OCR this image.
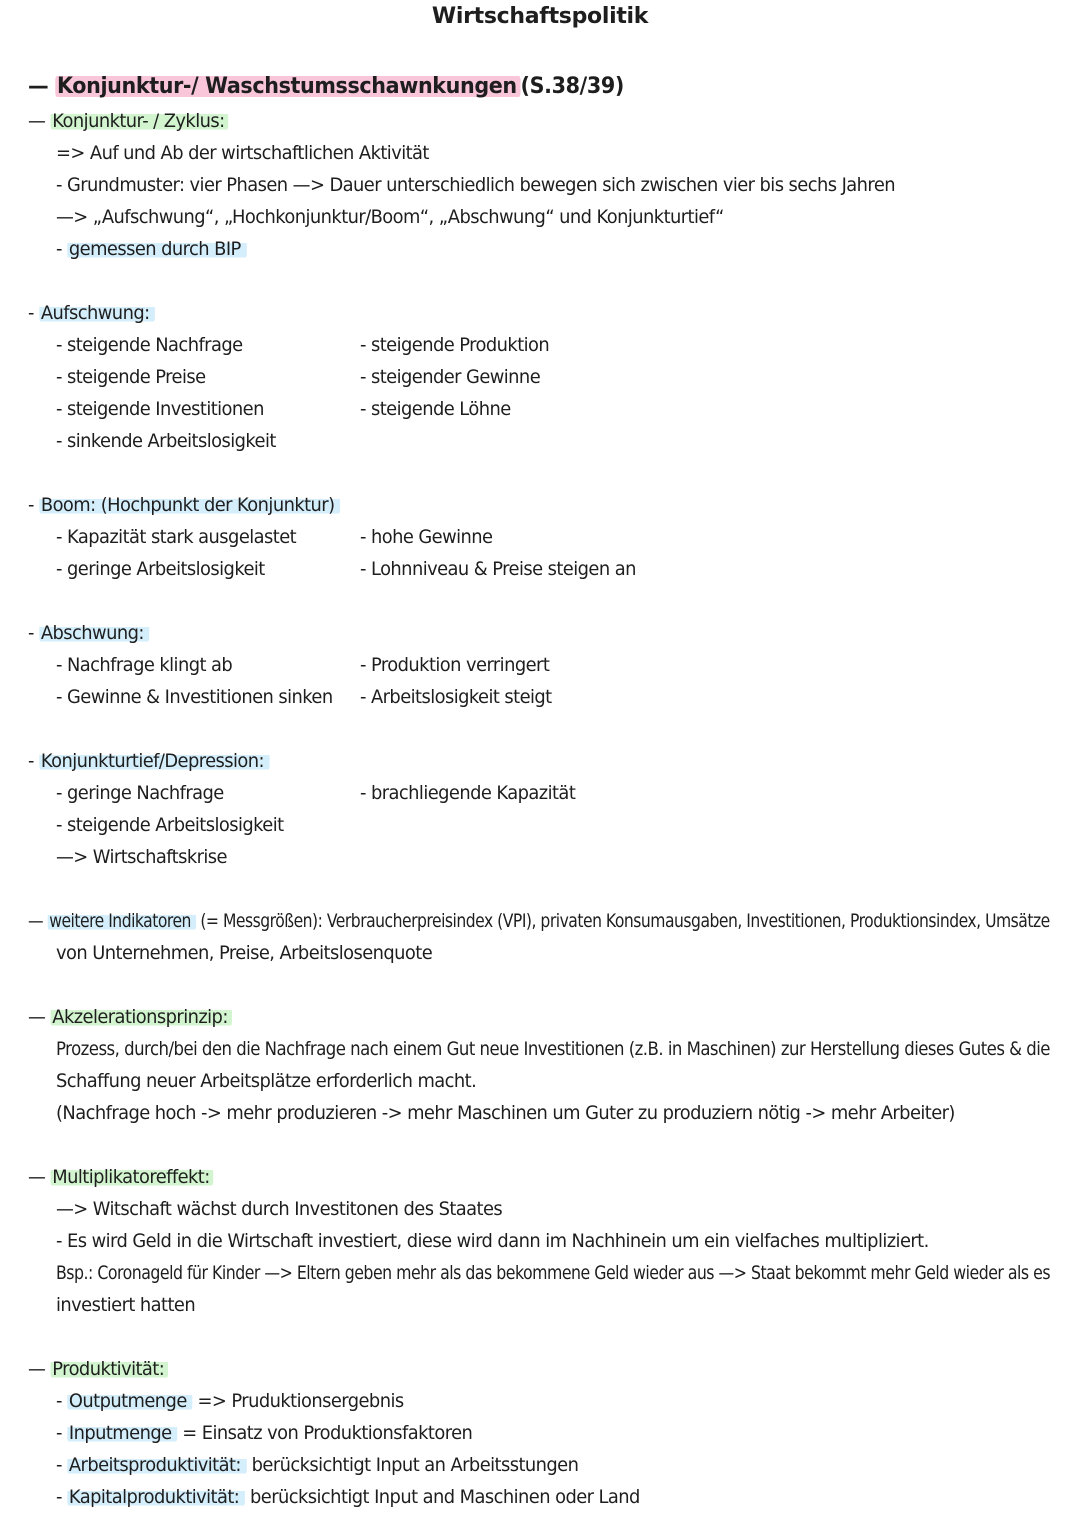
Wirtschaftspolitik
— Konjunktur-/ Waschstumsschawnkungen (S.38/39)
— Konjunktur- / Zyklus:
=> Auf und Ab der wirtschaftlichen Aktivität
- Grundmuster: vier Phasen —> Dauer unterschiedlich bewegen sich zwischen vier bis sechs Jahren
—> „Aufschwung“, „Hochkonjunktur/Boom“, „Abschwung“ und Konjunkturtief“
- gemessen durch BIP
- Aufschwung:
- steigende Nachfrage
- steigende Preise
- steigende Investitionen
- sinkende Arbeitslosigkeit
- steigende Produktion
- steigender Gewinne
- steigende Löhne
- Boom: (Hochpunkt der Konjunktur)
- Kapazität stark ausgelastet
- geringe Arbeitslosigkeit
- hohe Gewinne
- Lohnniveau & Preise steigen an
- Abschwung:
- Nachfrage klingt ab
- Gewinne & Investitionen sinken
- Produktion verringert
- Arbeitslosigkeit steigt
- Konjunkturtief/Depression:
- geringe Nachfrage
- steigende Arbeitslosigkeit
—> Wirtschaftskrise
- brachliegende Kapazität
— weitere Indikatoren (= Messgrößen): Verbraucherpreisindex (VPI), privaten Konsumausgaben, Investitionen, Produktionsindex, Umsätze
von Unternehmen, Preise, Arbeitslosenquote
— Akzelerationsprinzip:
Prozess, durch/bei den die Nachfrage nach einem Gut neue Investitionen (z.B. in Maschinen) zur Herstellung dieses Gutes & die
Schaffung neuer Arbeitsplätze erforderlich macht.
(Nachfrage hoch -> mehr produzieren -> mehr Maschinen um Guter zu produziern nötig -> mehr Arbeiter)
— Multiplikatoreffekt:
—> Witschaft wächst durch Investitonen des Staates
- Es wird Geld in die Wirtschaft investiert, diese wird dann im Nachhinein um ein vielfaches multipliziert.
Bsp.: Coronageld für Kinder —> Eltern geben mehr als das bekommene Geld wieder aus —> Staat bekommt mehr Geld wieder als es
investiert hatten
— Produktivität:
- Outputmenge => Pruduktionsergebnis
- Inputmenge = Einsatz von Produktionsfaktoren
- Arbeitsproduktivität: berücksichtigt Input an Arbeitsstungen
- Kapitalproduktivität: berücksichtigt Input and Maschinen oder Land
